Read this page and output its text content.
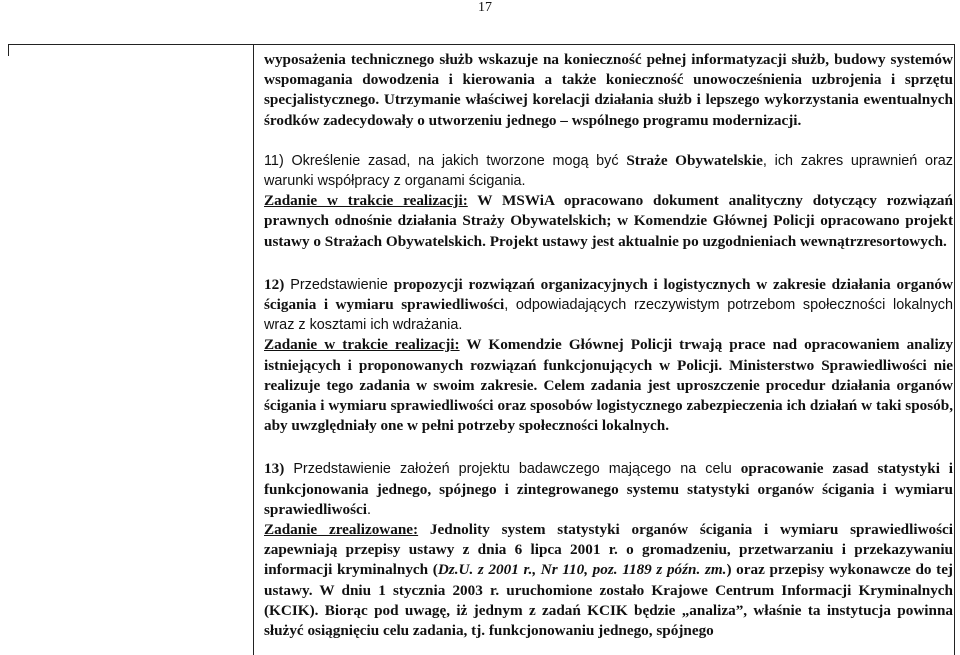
17

wyposażenia technicznego służb wskazuje na konieczność pełnej informatyzacji służb, budowy systemów wspomagania dowodzenia i kierowania a także konieczność unowocześnienia uzbrojenia i sprzętu specjalistycznego. Utrzymanie właściwej korelacji działania służb i lepszego wykorzystania ewentualnych środków zadecydowały o utworzeniu jednego – wspólnego programu modernizacji.

11) Określenie zasad, na jakich tworzone mogą być Straże Obywatelskie, ich zakres uprawnień oraz warunki współpracy z organami ścigania.

Zadanie w trakcie realizacji: W MSWiA opracowano dokument analityczny dotyczący rozwiązań prawnych odnośnie działania Straży Obywatelskich; w Komendzie Głównej Policji opracowano projekt ustawy o Strażach Obywatelskich. Projekt ustawy jest aktualnie po uzgodnieniach wewnątrzresortowych.

12) Przedstawienie propozycji rozwiązań organizacyjnych i logistycznych w zakresie działania organów ścigania i wymiaru sprawiedliwości, odpowiadających rzeczywistym potrzebom społeczności lokalnych wraz z kosztami ich wdrażania.

Zadanie w trakcie realizacji: W Komendzie Głównej Policji trwają prace nad opracowaniem analizy istniejących i proponowanych rozwiązań funkcjonujących w Policji. Ministerstwo Sprawiedliwości nie realizuje tego zadania w swoim zakresie. Celem zadania jest uproszczenie procedur działania organów ścigania i wymiaru sprawiedliwości oraz sposobów logistycznego zabezpieczenia ich działań w taki sposób, aby uwzględniały one w pełni potrzeby społeczności lokalnych.

13) Przedstawienie założeń projektu badawczego mającego na celu opracowanie zasad statystyki i funkcjonowania jednego, spójnego i zintegrowanego systemu statystyki organów ścigania i wymiaru sprawiedliwości.

Zadanie zrealizowane: Jednolity system statystyki organów ścigania i wymiaru sprawiedliwości zapewniają przepisy ustawy z dnia 6 lipca 2001 r. o gromadzeniu, przetwarzaniu i przekazywaniu informacji kryminalnych (Dz.U. z 2001 r., Nr 110, poz. 1189 z późn. zm.) oraz przepisy wykonawcze do tej ustawy. W dniu 1 stycznia 2003 r. uruchomione zostało Krajowe Centrum Informacji Kryminalnych (KCIK). Biorąc pod uwagę, iż jednym z zadań KCIK będzie „analiza”, właśnie ta instytucja powinna służyć osiągnięciu celu zadania, tj. funkcjonowaniu jednego, spójnego
